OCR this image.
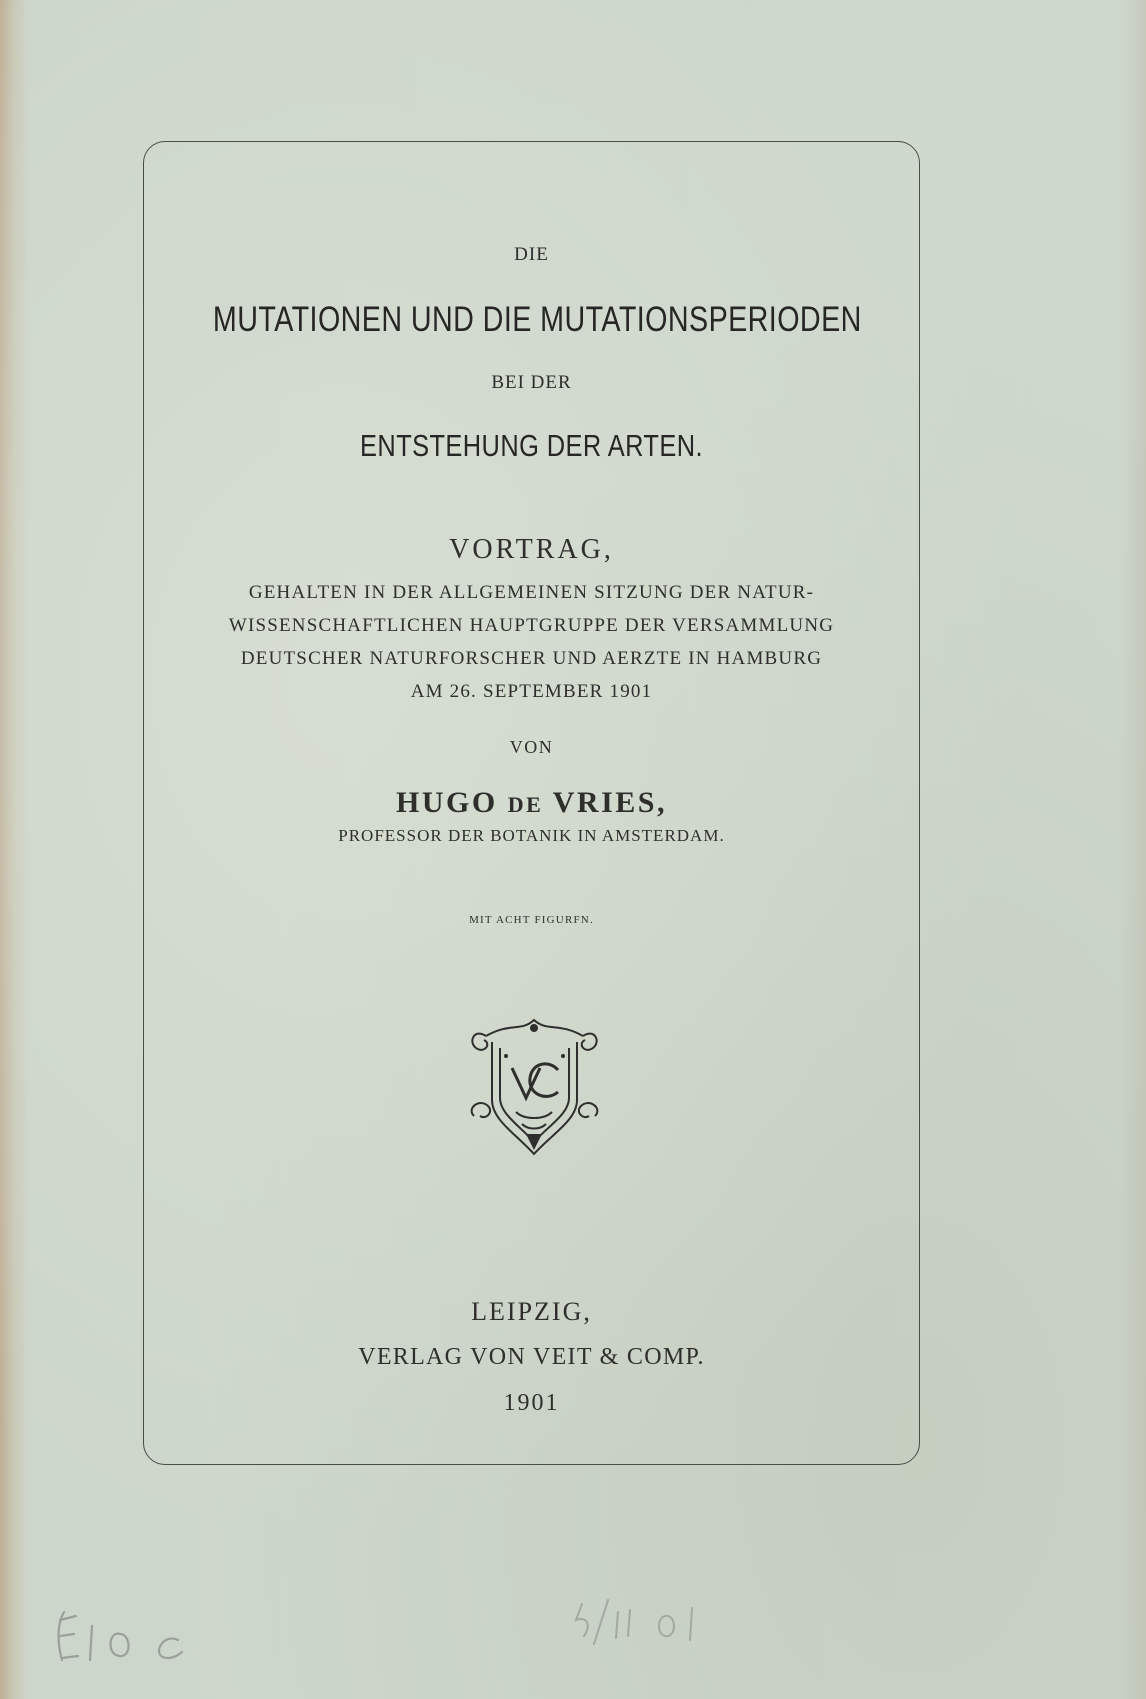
DIE
MUTATIONEN UND DIE MUTATIONSPERIODEN
BEI DER
ENTSTEHUNG DER ARTEN.
VORTRAG,
GEHALTEN IN DER ALLGEMEINEN SITZUNG DER NATUR-
WISSENSCHAFTLICHEN HAUPTGRUPPE DER VERSAMMLUNG
DEUTSCHER NATURFORSCHER UND AERZTE IN HAMBURG
AM 26. SEPTEMBER 1901
VON
HUGO DE VRIES,
PROFESSOR DER BOTANIK IN AMSTERDAM.
MIT ACHT FIGURFN.
LEIPZIG,
VERLAG VON VEIT & COMP.
1901
